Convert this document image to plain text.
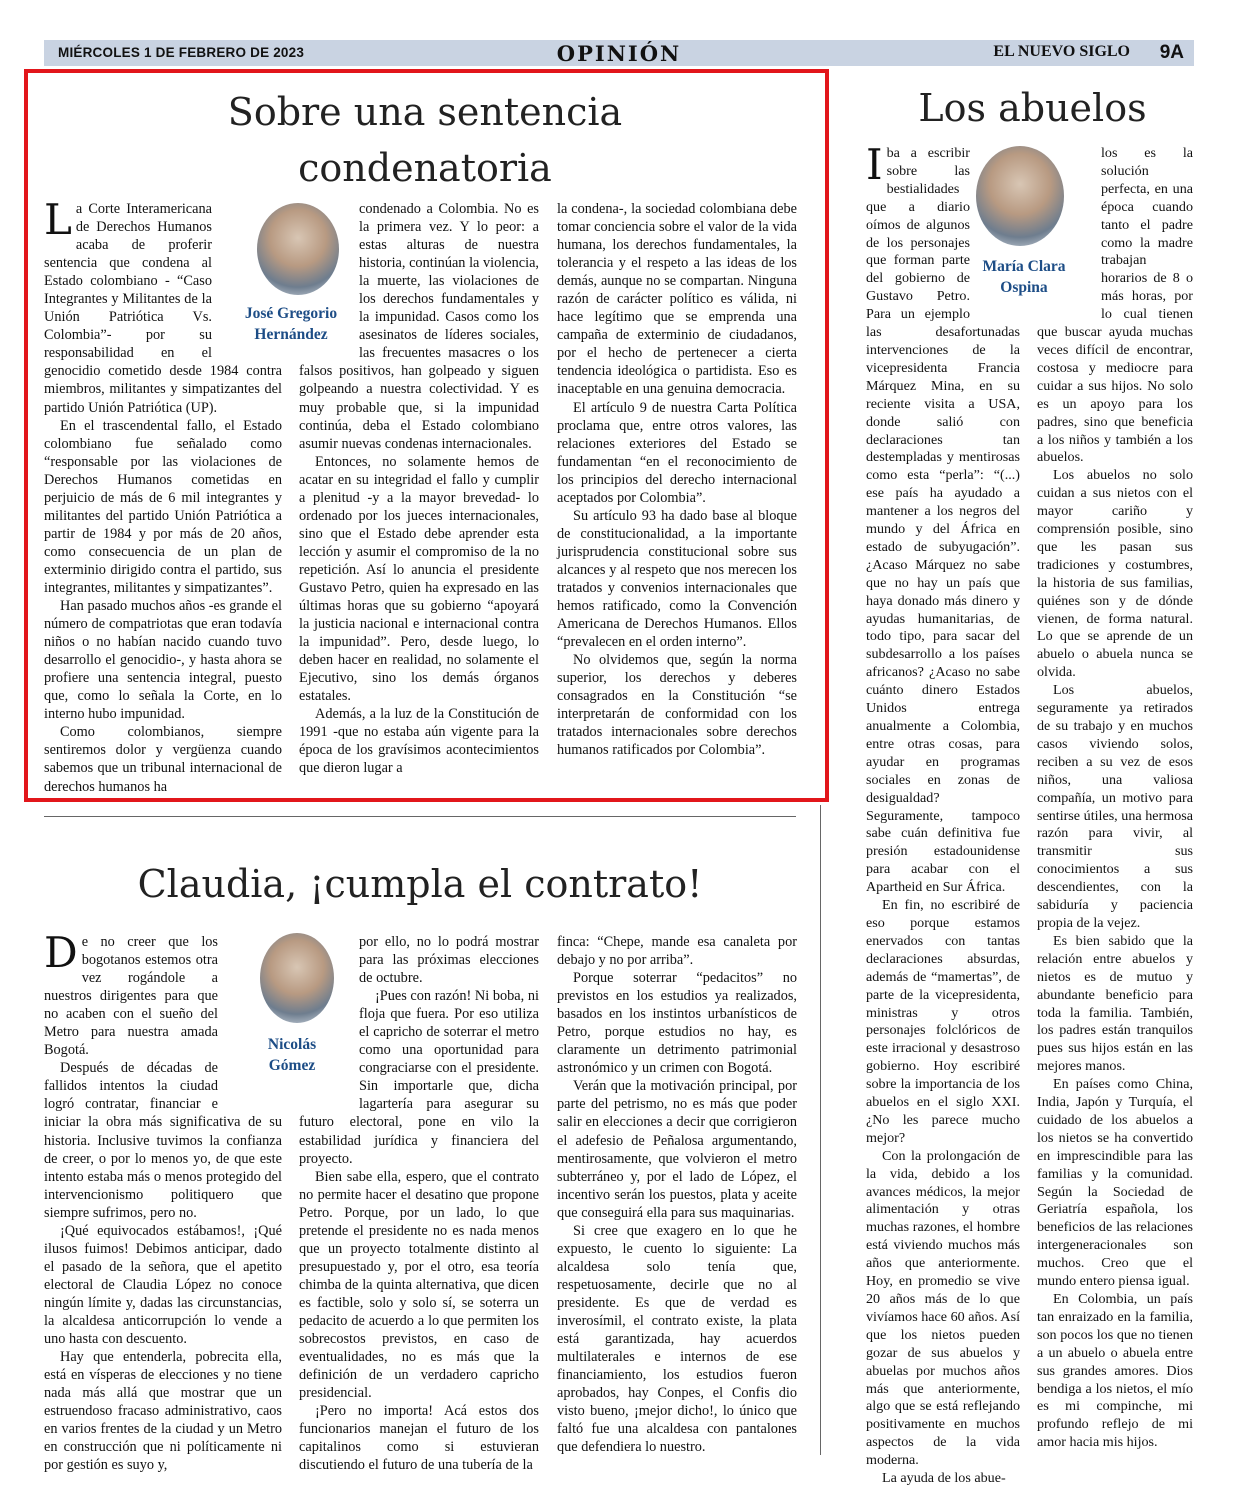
MIÉRCOLES 1 DE FEBRERO DE 2023	OPINIÓN	EL NUEVO SIGLO 9A
Sobre una sentencia
condenatoria
José Gregorio
Hernández

La Corte Interamericana de Derechos Humanos acaba de proferir sentencia que condena al Estado colombiano - “Caso Integrantes y Militantes de la Unión Patriótica Vs. Colombia”- por su responsabilidad en el genocidio cometido desde 1984 contra miembros, militantes y simpatizantes del partido Unión Patriótica (UP).

En el trascendental fallo, el Estado colombiano fue señalado como “responsable por las violaciones de Derechos Humanos cometidas en perjuicio de más de 6 mil integrantes y militantes del partido Unión Patriótica a partir de 1984 y por más de 20 años, como consecuencia de un plan de exterminio dirigido contra el partido, sus integrantes, militantes y simpatizantes”.

Han pasado muchos años -es grande el número de compatriotas que eran todavía niños o no habían nacido cuando tuvo desarrollo el genocidio-, y hasta ahora se profiere una sentencia integral, puesto que, como lo señala la Corte, en lo interno hubo impunidad.

Como colombianos, siempre sentiremos dolor y vergüenza cuando sabemos que un tribunal internacional de derechos humanos ha

condenado a Colombia. No es la primera vez. Y lo peor: a estas alturas de nuestra historia, continúan la violencia, la muerte, las violaciones de los derechos fundamentales y la impunidad. Casos como los asesinatos de líderes sociales, las frecuentes masacres o los falsos positivos, han golpeado y siguen golpeando a nuestra colectividad. Y es muy probable que, si la impunidad continúa, deba el Estado colombiano asumir nuevas condenas internacionales.

Entonces, no solamente hemos de acatar en su integridad el fallo y cumplir a plenitud -y a la mayor brevedad- lo ordenado por los jueces internacionales, sino que el Estado debe aprender esta lección y asumir el compromiso de la no repetición. Así lo anuncia el presidente Gustavo Petro, quien ha expresado en las últimas horas que su gobierno “apoyará la justicia nacional e internacional contra la impunidad”. Pero, desde luego, lo deben hacer en realidad, no solamente el Ejecutivo, sino los demás órganos estatales.

Además, a la luz de la Constitución de 1991 -que no estaba aún vigente para la época de los gravísimos acontecimientos que dieron lugar a

la condena-, la sociedad colombiana debe tomar conciencia sobre el valor de la vida humana, los derechos fundamentales, la tolerancia y el respeto a las ideas de los demás, aunque no se compartan. Ninguna razón de carácter político es válida, ni hace legítimo que se emprenda una campaña de exterminio de ciudadanos, por el hecho de pertenecer a cierta tendencia ideológica o partidista. Eso es inaceptable en una genuina democracia.

El artículo 9 de nuestra Carta Política proclama que, entre otros valores, las relaciones exteriores del Estado se fundamentan “en el reconocimiento de los principios del derecho internacional aceptados por Colombia”.

Su artículo 93 ha dado base al bloque de constitucionalidad, a la importante jurisprudencia constitucional sobre sus alcances y al respeto que nos merecen los tratados y convenios internacionales que hemos ratificado, como la Convención Americana de Derechos Humanos. Ellos “prevalecen en el orden interno”.

No olvidemos que, según la norma superior, los derechos y deberes consagrados en la Constitución “se interpretarán de conformidad con los tratados internacionales sobre derechos humanos ratificados por Colombia”.

Claudia, ¡cumpla el contrato!
Nicolás
Gómez

De no creer que los bogotanos estemos otra vez rogándole a nuestros dirigentes para que no acaben con el sueño del Metro para nuestra amada Bogotá.

Después de décadas de fallidos intentos la ciudad logró contratar, financiar e iniciar la obra más significativa de su historia. Inclusive tuvimos la confianza de creer, o por lo menos yo, de que este intento estaba más o menos protegido del intervencionismo politiquero que siempre sufrimos, pero no.

¡Qué equivocados estábamos!, ¡Qué ilusos fuimos! Debimos anticipar, dado el pasado de la señora, que el apetito electoral de Claudia López no conoce ningún límite y, dadas las circunstancias, la alcaldesa anticorrupción lo vende a uno hasta con descuento.

Hay que entenderla, pobrecita ella, está en vísperas de elecciones y no tiene nada más allá que mostrar que un estruendoso fracaso administrativo, caos en varios frentes de la ciudad y un Metro en construcción que ni políticamente ni por gestión es suyo y,

por ello, no lo podrá mostrar para las próximas elecciones de octubre.

¡Pues con razón! Ni boba, ni floja que fuera. Por eso utiliza el capricho de soterrar el metro como una oportunidad para congraciarse con el presidente. Sin importarle que, dicha lagartería para asegurar su futuro electoral, pone en vilo la estabilidad jurídica y financiera del proyecto.

Bien sabe ella, espero, que el contrato no permite hacer el desatino que propone Petro. Porque, por un lado, lo que pretende el presidente no es nada menos que un proyecto totalmente distinto al presupuestado y, por el otro, esa teoría chimba de la quinta alternativa, que dicen es factible, solo y solo sí, se soterra un pedacito de acuerdo a lo que permiten los sobrecostos previstos, en caso de eventualidades, no es más que la definición de un verdadero capricho presidencial.

¡Pero no importa! Acá estos dos funcionarios manejan el futuro de los capitalinos como si estuvieran discutiendo el futuro de una tubería de la

finca: “Chepe, mande esa canaleta por debajo y no por arriba”.

Porque soterrar “pedacitos” no previstos en los estudios ya realizados, basados en los instintos urbanísticos de Petro, porque estudios no hay, es claramente un detrimento patrimonial astronómico y un crimen con Bogotá.

Verán que la motivación principal, por parte del petrismo, no es más que poder salir en elecciones a decir que corrigieron el adefesio de Peñalosa argumentando, mentirosamente, que volvieron el metro subterráneo y, por el lado de López, el incentivo serán los puestos, plata y aceite que conseguirá ella para sus maquinarias.

Si cree que exagero en lo que he expuesto, le cuento lo siguiente: La alcaldesa solo tenía que, respetuosamente, decirle que no al presidente. Es que de verdad es inverosímil, el contrato existe, la plata está garantizada, hay acuerdos multilaterales e internos de ese financiamiento, los estudios fueron aprobados, hay Conpes, el Confis dio visto bueno, ¡mejor dicho!, lo único que faltó fue una alcaldesa con pantalones que defendiera lo nuestro.

Los abuelos
María Clara
Ospina

Iba a escribir sobre las bestialidades que a diario oímos de algunos de los personajes que forman parte del gobierno de Gustavo Petro. Para un ejemplo las desafortunadas intervenciones de la vicepresidenta Francia Márquez Mina, en su reciente visita a USA, donde salió con declaraciones tan destempladas y mentirosas como esta “perla”: “(...) ese país ha ayudado a mantener a los negros del mundo y del África en estado de subyugación”. ¿Acaso Márquez no sabe que no hay un país que haya donado más dinero y ayudas humanitarias, de todo tipo, para sacar del subdesarrollo a los países africanos? ¿Acaso no sabe cuánto dinero Estados Unidos entrega anualmente a Colombia, entre otras cosas, para ayudar en programas sociales en zonas de desigualdad? Seguramente, tampoco sabe cuán definitiva fue presión estadounidense para acabar con el Apartheid en Sur África.

En fin, no escribiré de eso porque estamos enervados con tantas declaraciones absurdas, además de “mamertas”, de parte de la vicepresidenta, ministras y otros personajes folclóricos de este irracional y desastroso gobierno. Hoy escribiré sobre la importancia de los abuelos en el siglo XXI. ¿No les parece mucho mejor?

Con la prolongación de la vida, debido a los avances médicos, la mejor alimentación y otras muchas razones, el hombre está viviendo muchos más años que anteriormente. Hoy, en promedio se vive 20 años más de lo que vivíamos hace 60 años. Así que los nietos pueden gozar de sus abuelos y abuelas por muchos años más que anteriormente, algo que se está reflejando positivamente en muchos aspectos de la vida moderna.

La ayuda de los abue-

los es la solución perfecta, en una época cuando tanto el padre como la madre trabajan horarios de 8 o más horas, por lo cual tienen que buscar ayuda muchas veces difícil de encontrar, costosa y mediocre para cuidar a sus hijos. No solo es un apoyo para los padres, sino que beneficia a los niños y también a los abuelos.

Los abuelos no solo cuidan a sus nietos con el mayor cariño y comprensión posible, sino que les pasan sus tradiciones y costumbres, la historia de sus familias, quiénes son y de dónde vienen, de forma natural. Lo que se aprende de un abuelo o abuela nunca se olvida.

Los abuelos, seguramente ya retirados de su trabajo y en muchos casos viviendo solos, reciben a su vez de esos niños, una valiosa compañía, un motivo para sentirse útiles, una hermosa razón para vivir, al transmitir sus conocimientos a sus descendientes, con la sabiduría y paciencia propia de la vejez.

Es bien sabido que la relación entre abuelos y nietos es de mutuo y abundante beneficio para toda la familia. También, los padres están tranquilos pues sus hijos están en las mejores manos.

En países como China, India, Japón y Turquía, el cuidado de los abuelos a los nietos se ha convertido en imprescindible para las familias y la comunidad. Según la Sociedad de Geriatría española, los beneficios de las relaciones intergeneracionales son muchos. Creo que el mundo entero piensa igual.

En Colombia, un país tan enraizado en la familia, son pocos los que no tienen a un abuelo o abuela entre sus grandes amores. Dios bendiga a los nietos, el mío es mi compinche, mi profundo reflejo de mi amor hacia mis hijos.
